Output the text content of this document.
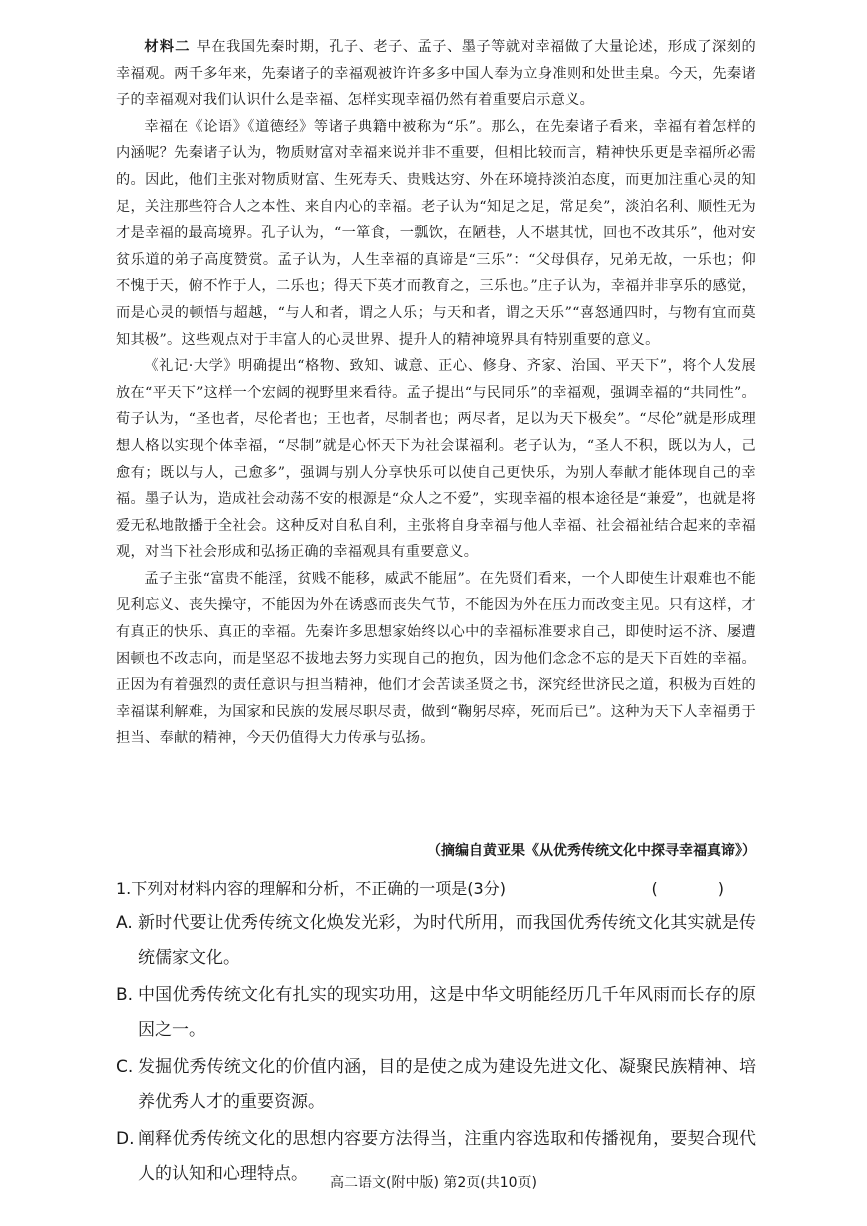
材料二 早在我国先秦时期，孔子、老子、孟子、墨子等就对幸福做了大量论述，形成了深刻的幸福观。两千多年来，先秦诸子的幸福观被许许多多中国人奉为立身准则和处世圭臬。今天，先秦诸子的幸福观对我们认识什么是幸福、怎样实现幸福仍然有着重要启示意义。

幸福在《论语》《道德经》等诸子典籍中被称为“乐”。那么，在先秦诸子看来，幸福有着怎样的内涵呢？先秦诸子认为，物质财富对幸福来说并非不重要，但相比较而言，精神快乐更是幸福所必需的。因此，他们主张对物质财富、生死寿夭、贵贱达穷、外在环境持淡泊态度，而更加注重心灵的知足，关注那些符合人之本性、来自内心的幸福。老子认为“知足之足，常足矣”，淡泊名利、顺性无为才是幸福的最高境界。孔子认为，“一箪食，一瓢饮，在陋巷，人不堪其忧，回也不改其乐”，他对安贫乐道的弟子高度赞赏。孟子认为，人生幸福的真谛是“三乐”：“父母俱存，兄弟无故，一乐也；仰不愧于天，俯不怍于人，二乐也；得天下英才而教育之，三乐也。”庄子认为，幸福并非享乐的感觉，而是心灵的顿悟与超越，“与人和者，谓之人乐；与天和者，谓之天乐”“喜怒通四时，与物有宜而莫知其极”。这些观点对于丰富人的心灵世界、提升人的精神境界具有特别重要的意义。

《礼记·大学》明确提出“格物、致知、诚意、正心、修身、齐家、治国、平天下”，将个人发展放在“平天下”这样一个宏阔的视野里来看待。孟子提出“与民同乐”的幸福观，强调幸福的“共同性”。荀子认为，“圣也者，尽伦者也；王也者，尽制者也；两尽者，足以为天下极矣”。“尽伦”就是形成理想人格以实现个体幸福，“尽制”就是心怀天下为社会谋福利。老子认为，“圣人不积，既以为人，己愈有；既以与人，己愈多”，强调与别人分享快乐可以使自己更快乐，为别人奉献才能体现自己的幸福。墨子认为，造成社会动荡不安的根源是“众人之不爱”，实现幸福的根本途径是“兼爱”，也就是将爱无私地散播于全社会。这种反对自私自利，主张将自身幸福与他人幸福、社会福祉结合起来的幸福观，对当下社会形成和弘扬正确的幸福观具有重要意义。

孟子主张“富贵不能淫，贫贱不能移，威武不能屈”。在先贤们看来，一个人即使生计艰难也不能见利忘义、丧失操守，不能因为外在诱惑而丧失气节，不能因为外在压力而改变主见。只有这样，才有真正的快乐、真正的幸福。先秦许多思想家始终以心中的幸福标准要求自己，即使时运不济、屡遭困顿也不改志向，而是坚忍不拔地去努力实现自己的抱负，因为他们念念不忘的是天下百姓的幸福。正因为有着强烈的责任意识与担当精神，他们才会苦读圣贤之书，深究经世济民之道，积极为百姓的幸福谋利解难，为国家和民族的发展尽职尽责，做到“鞠躬尽瘁，死而后已”。这种为天下人幸福勇于担当、奉献的精神，今天仍值得大力传承与弘扬。

（摘编自黄亚果《从优秀传统文化中探寻幸福真谛》）
1.下列对材料内容的理解和分析，不正确的一项是(3分)	(　)
A. 新时代要让优秀传统文化焕发光彩，为时代所用，而我国优秀传统文化其实就是传统儒家文化。
B. 中国优秀传统文化有扎实的现实功用，这是中华文明能经历几千年风雨而长存的原因之一。
C. 发掘优秀传统文化的价值内涵，目的是使之成为建设先进文化、凝聚民族精神、培养优秀人才的重要资源。
D. 阐释优秀传统文化的思想内容要方法得当，注重内容选取和传播视角，要契合现代人的认知和心理特点。	高二语文(附中版) 第2页(共10页)
